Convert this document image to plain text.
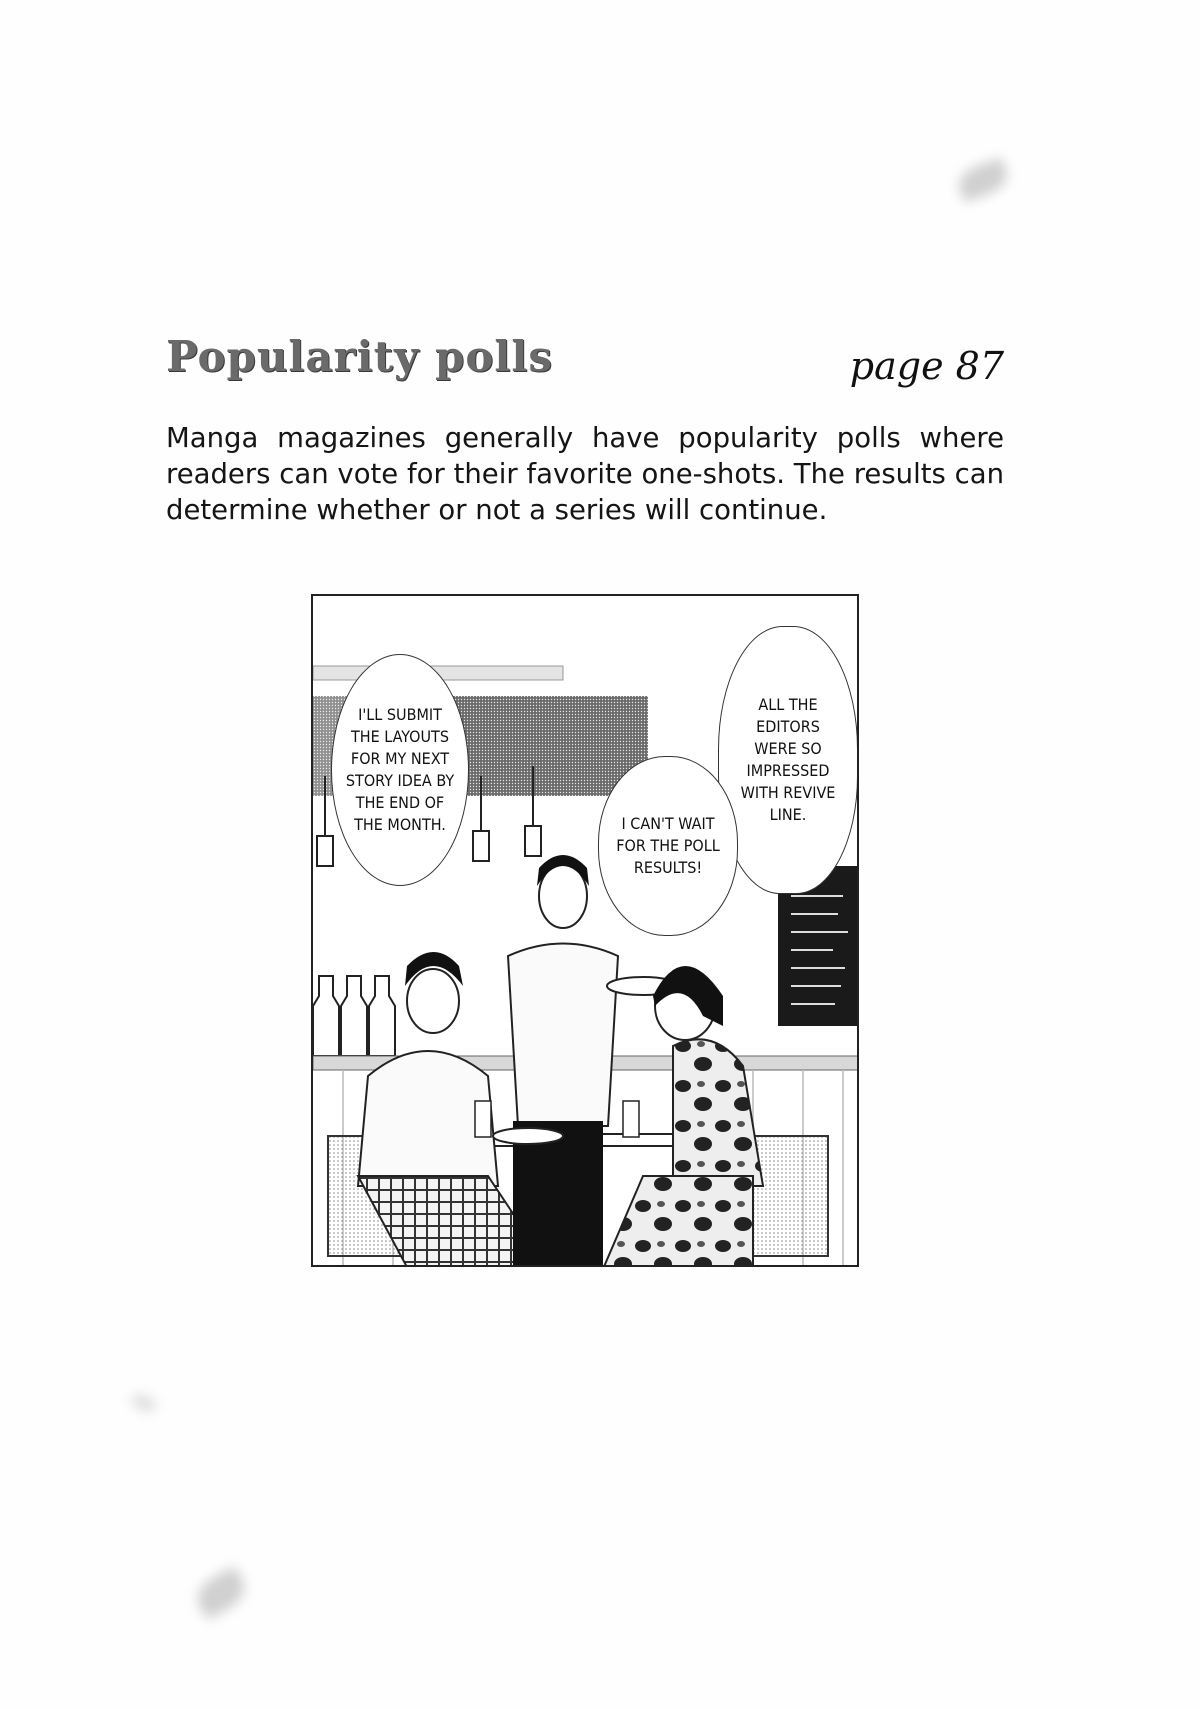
Popularity polls	page 87
Manga magazines generally have popularity polls where readers can vote for their favorite one-shots. The results can determine whether or not a series will continue.
I'LL SUBMIT
THE LAYOUTS
FOR MY NEXT
STORY IDEA BY
THE END OF
THE MONTH.
ALL THE
EDITORS
WERE SO
IMPRESSED
WITH REVIVE
LINE.
I CAN'T WAIT
FOR THE POLL
RESULTS!
